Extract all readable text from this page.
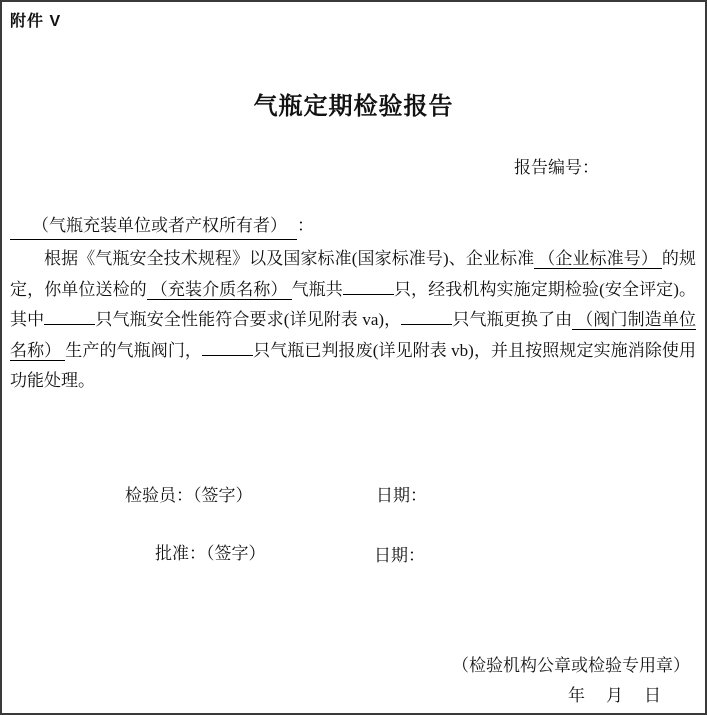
附件 V
气瓶定期检验报告
报告编号：
（气瓶充装单位或者产权所有者） ：
根据《气瓶安全技术规程》以及国家标准(国家标准号)、企业标准 （企业标准号） 的规定，你单位送检的 （充装介质名称） 气瓶共	只，经我机构实施定期检验(安全评定)。其中	只气瓶安全性能符合要求(详见附表 va)，	只气瓶更换了由 （阀门制造单位名称） 生产的气瓶阀门，	只气瓶已判报废(详见附表 vb)，并且按照规定实施消除使用功能处理。
检验员：（签字）	日期：
批准：（签字）	日期：
（检验机构公章或检验专用章）
年　月　日
